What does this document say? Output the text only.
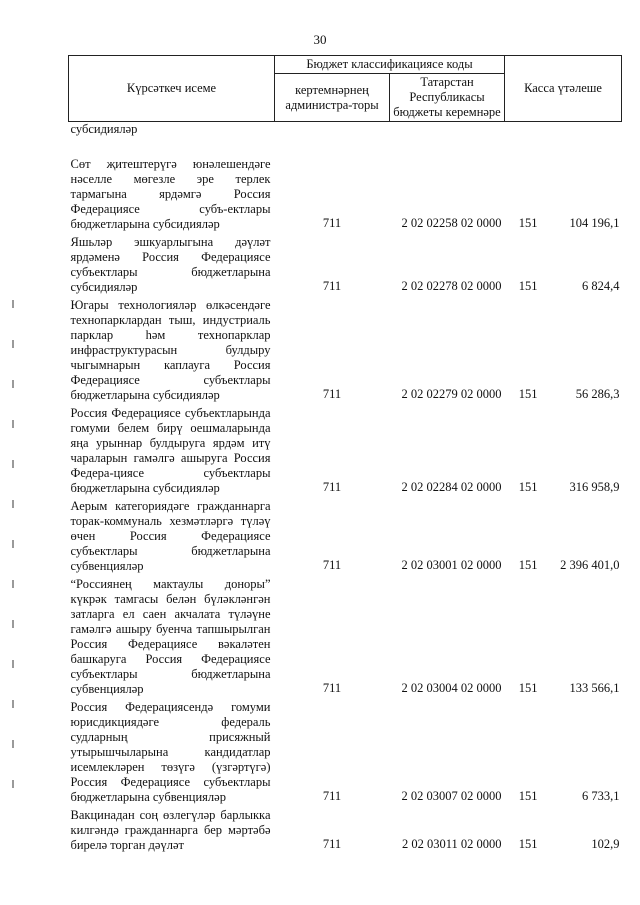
30
Күрсәткеч исеме	Бюджет классификациясе коды		Касса үтәлеше
	кертемнәрнең администра-торы	Татарстан Республикасы бюджеты керемнәре	
субсидияләр			
Сөт җитештерүгә юнәлешендәге нәселле мөгезле эре терлек тармагына ярдәмгә Россия Федерациясе субъ-ектлары бюджетларына субсидияләр	711	2 02 02258 02 0000 151	104 196,1
Яшьләр эшкуарлыгына дәүләт ярдәменә Россия Федерациясе субъектлары бюджетларына субсидияләр	711	2 02 02278 02 0000 151	6 824,4
Югары технологияләр өлкәсендәге технопарклардан тыш, индустриаль парклар һәм технопарклар инфраструктурасын булдыру чыгымнарын каплауга Россия Федерациясе субъектлары бюджетларына субсидияләр	711	2 02 02279 02 0000 151	56 286,3
Россия Федерациясе субъектларында гомуми белем бирү оешмаларында яңа урыннар булдыруга ярдәм итү чараларын гамәлгә ашыруга Россия Федера-циясе субъектлары бюджетларына субсидияләр	711	2 02 02284 02 0000 151	316 958,9
Аерым категориядәге гражданнарга торак-коммуналь хезмәтләргә түләү өчен Россия Федерациясе субъектлары бюджетларына субвенцияләр	711	2 02 03001 02 0000 151	2 396 401,0
“Россиянең мактаулы доноры” күкрәк тамгасы белән бүләкләнгән затларга ел саен акчалата түләүне гамәлгә ашыру буенча тапшырылган Россия Федерациясе вәкаләтен башкаруга Россия Федерациясе субъектлары бюджетларына субвенцияләр	711	2 02 03004 02 0000 151	133 566,1
Россия Федерациясендә гомуми юрисдикциядәге федераль судларның присяжный утырышчыларына кандидатлар исемлекләрен төзүгә (үзгәртүгә) Россия Федерациясе субъектлары бюджетларына субвенцияләр	711	2 02 03007 02 0000 151	6 733,1
Вакцинадан соң өзлегүләр барлыкка килгәндә гражданнарга бер мәртәбә бирелә торган дәүләт	711	2 02 03011 02 0000 151	102,9
